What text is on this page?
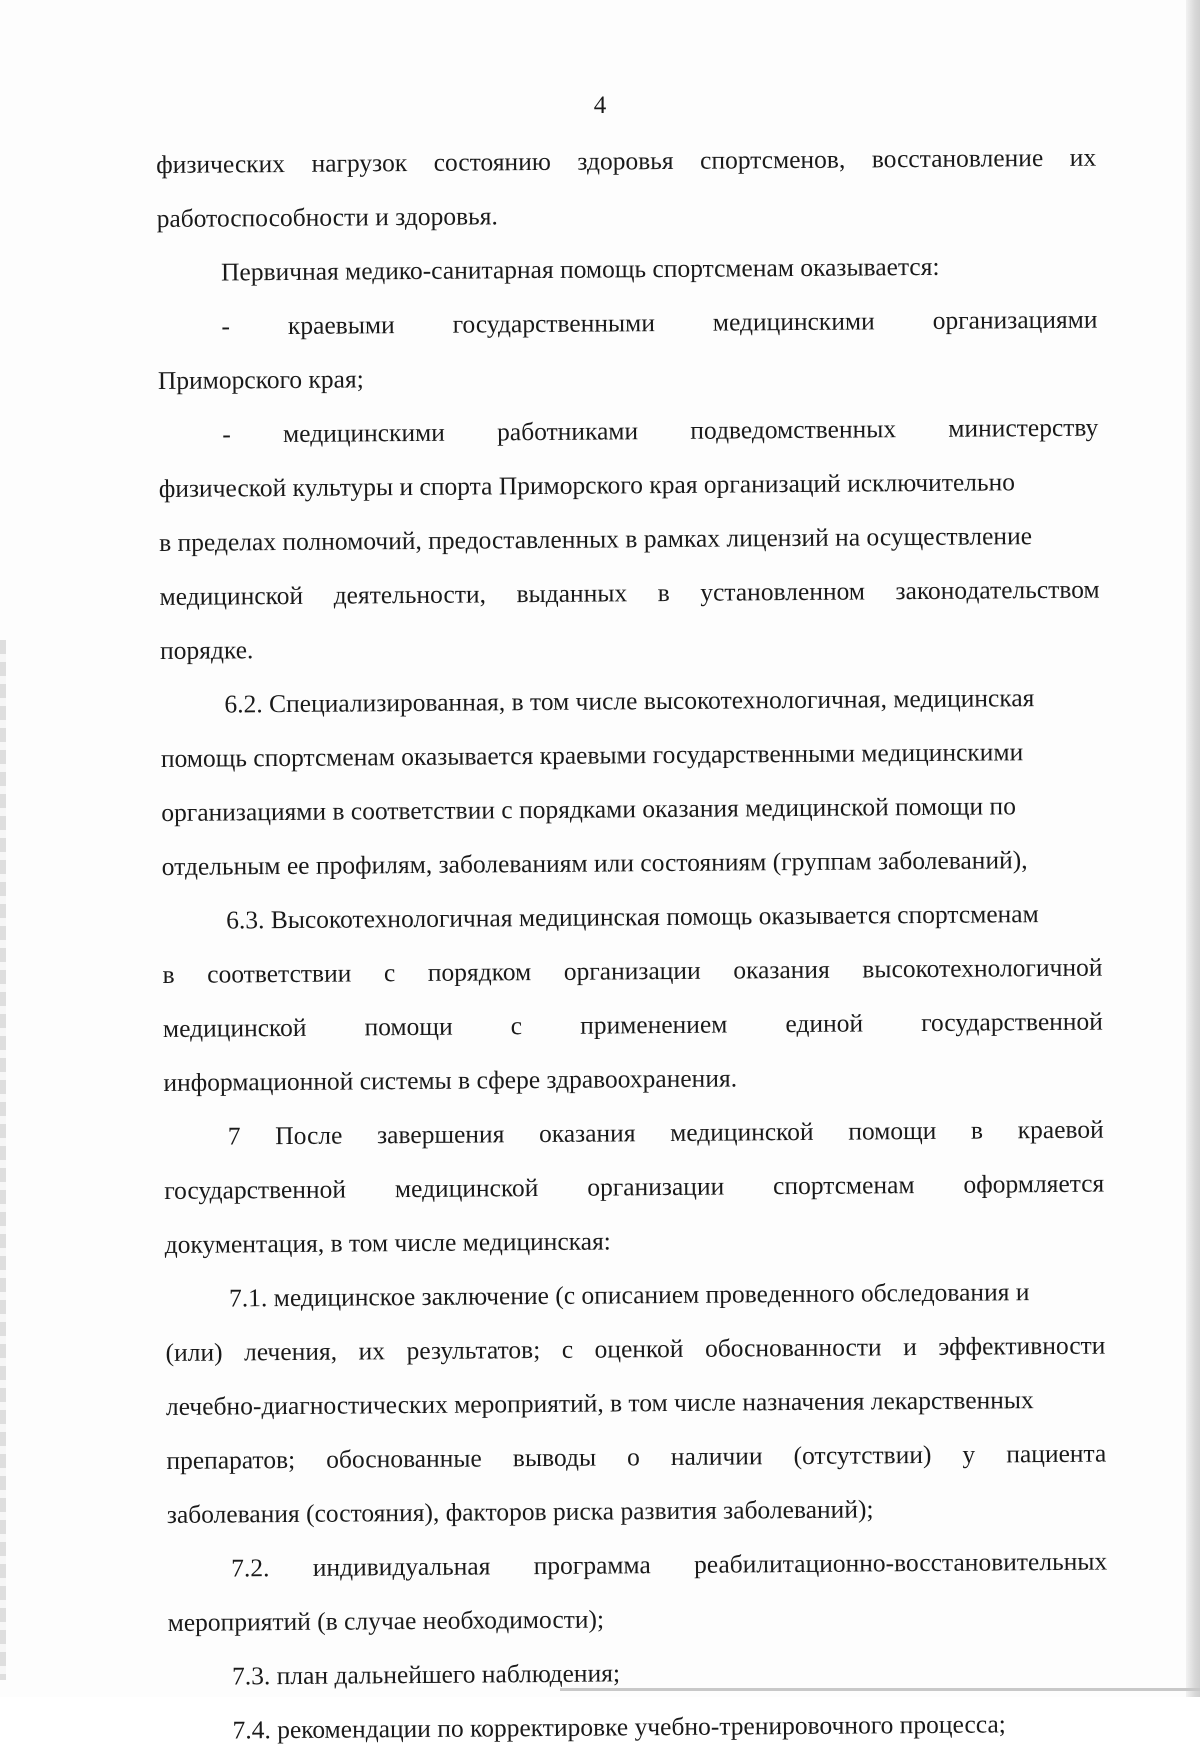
4
физических нагрузок состоянию здоровья спортсменов, восстановление их
работоспособности и здоровья.
Первичная медико-санитарная помощь спортсменам оказывается:
- краевыми государственными медицинскими организациями
Приморского края;
- медицинскими работниками подведомственных министерству
физической культуры и спорта Приморского края организаций исключительно
в пределах полномочий, предоставленных в рамках лицензий на осуществление
медицинской деятельности, выданных в установленном законодательством
порядке.
6.2. Специализированная, в том числе высокотехнологичная, медицинская
помощь спортсменам оказывается краевыми государственными медицинскими
организациями в соответствии с порядками оказания медицинской помощи по
отдельным ее профилям, заболеваниям или состояниям (группам заболеваний),
6.3. Высокотехнологичная медицинская помощь оказывается спортсменам
в соответствии с порядком организации оказания высокотехнологичной
медицинской помощи с применением единой государственной
информационной системы в сфере здравоохранения.
7 После завершения оказания медицинской помощи в краевой
государственной медицинской организации спортсменам оформляется
документация, в том числе медицинская:
7.1. медицинское заключение (с описанием проведенного обследования и
(или) лечения, их результатов; с оценкой обоснованности и эффективности
лечебно-диагностических мероприятий, в том числе назначения лекарственных
препаратов; обоснованные выводы о наличии (отсутствии) у пациента
заболевания (состояния), факторов риска развития заболеваний);
7.2. индивидуальная программа реабилитационно-восстановительных
мероприятий (в случае необходимости);
7.3. план дальнейшего наблюдения;
7.4. рекомендации по корректировке учебно-тренировочного процесса;
